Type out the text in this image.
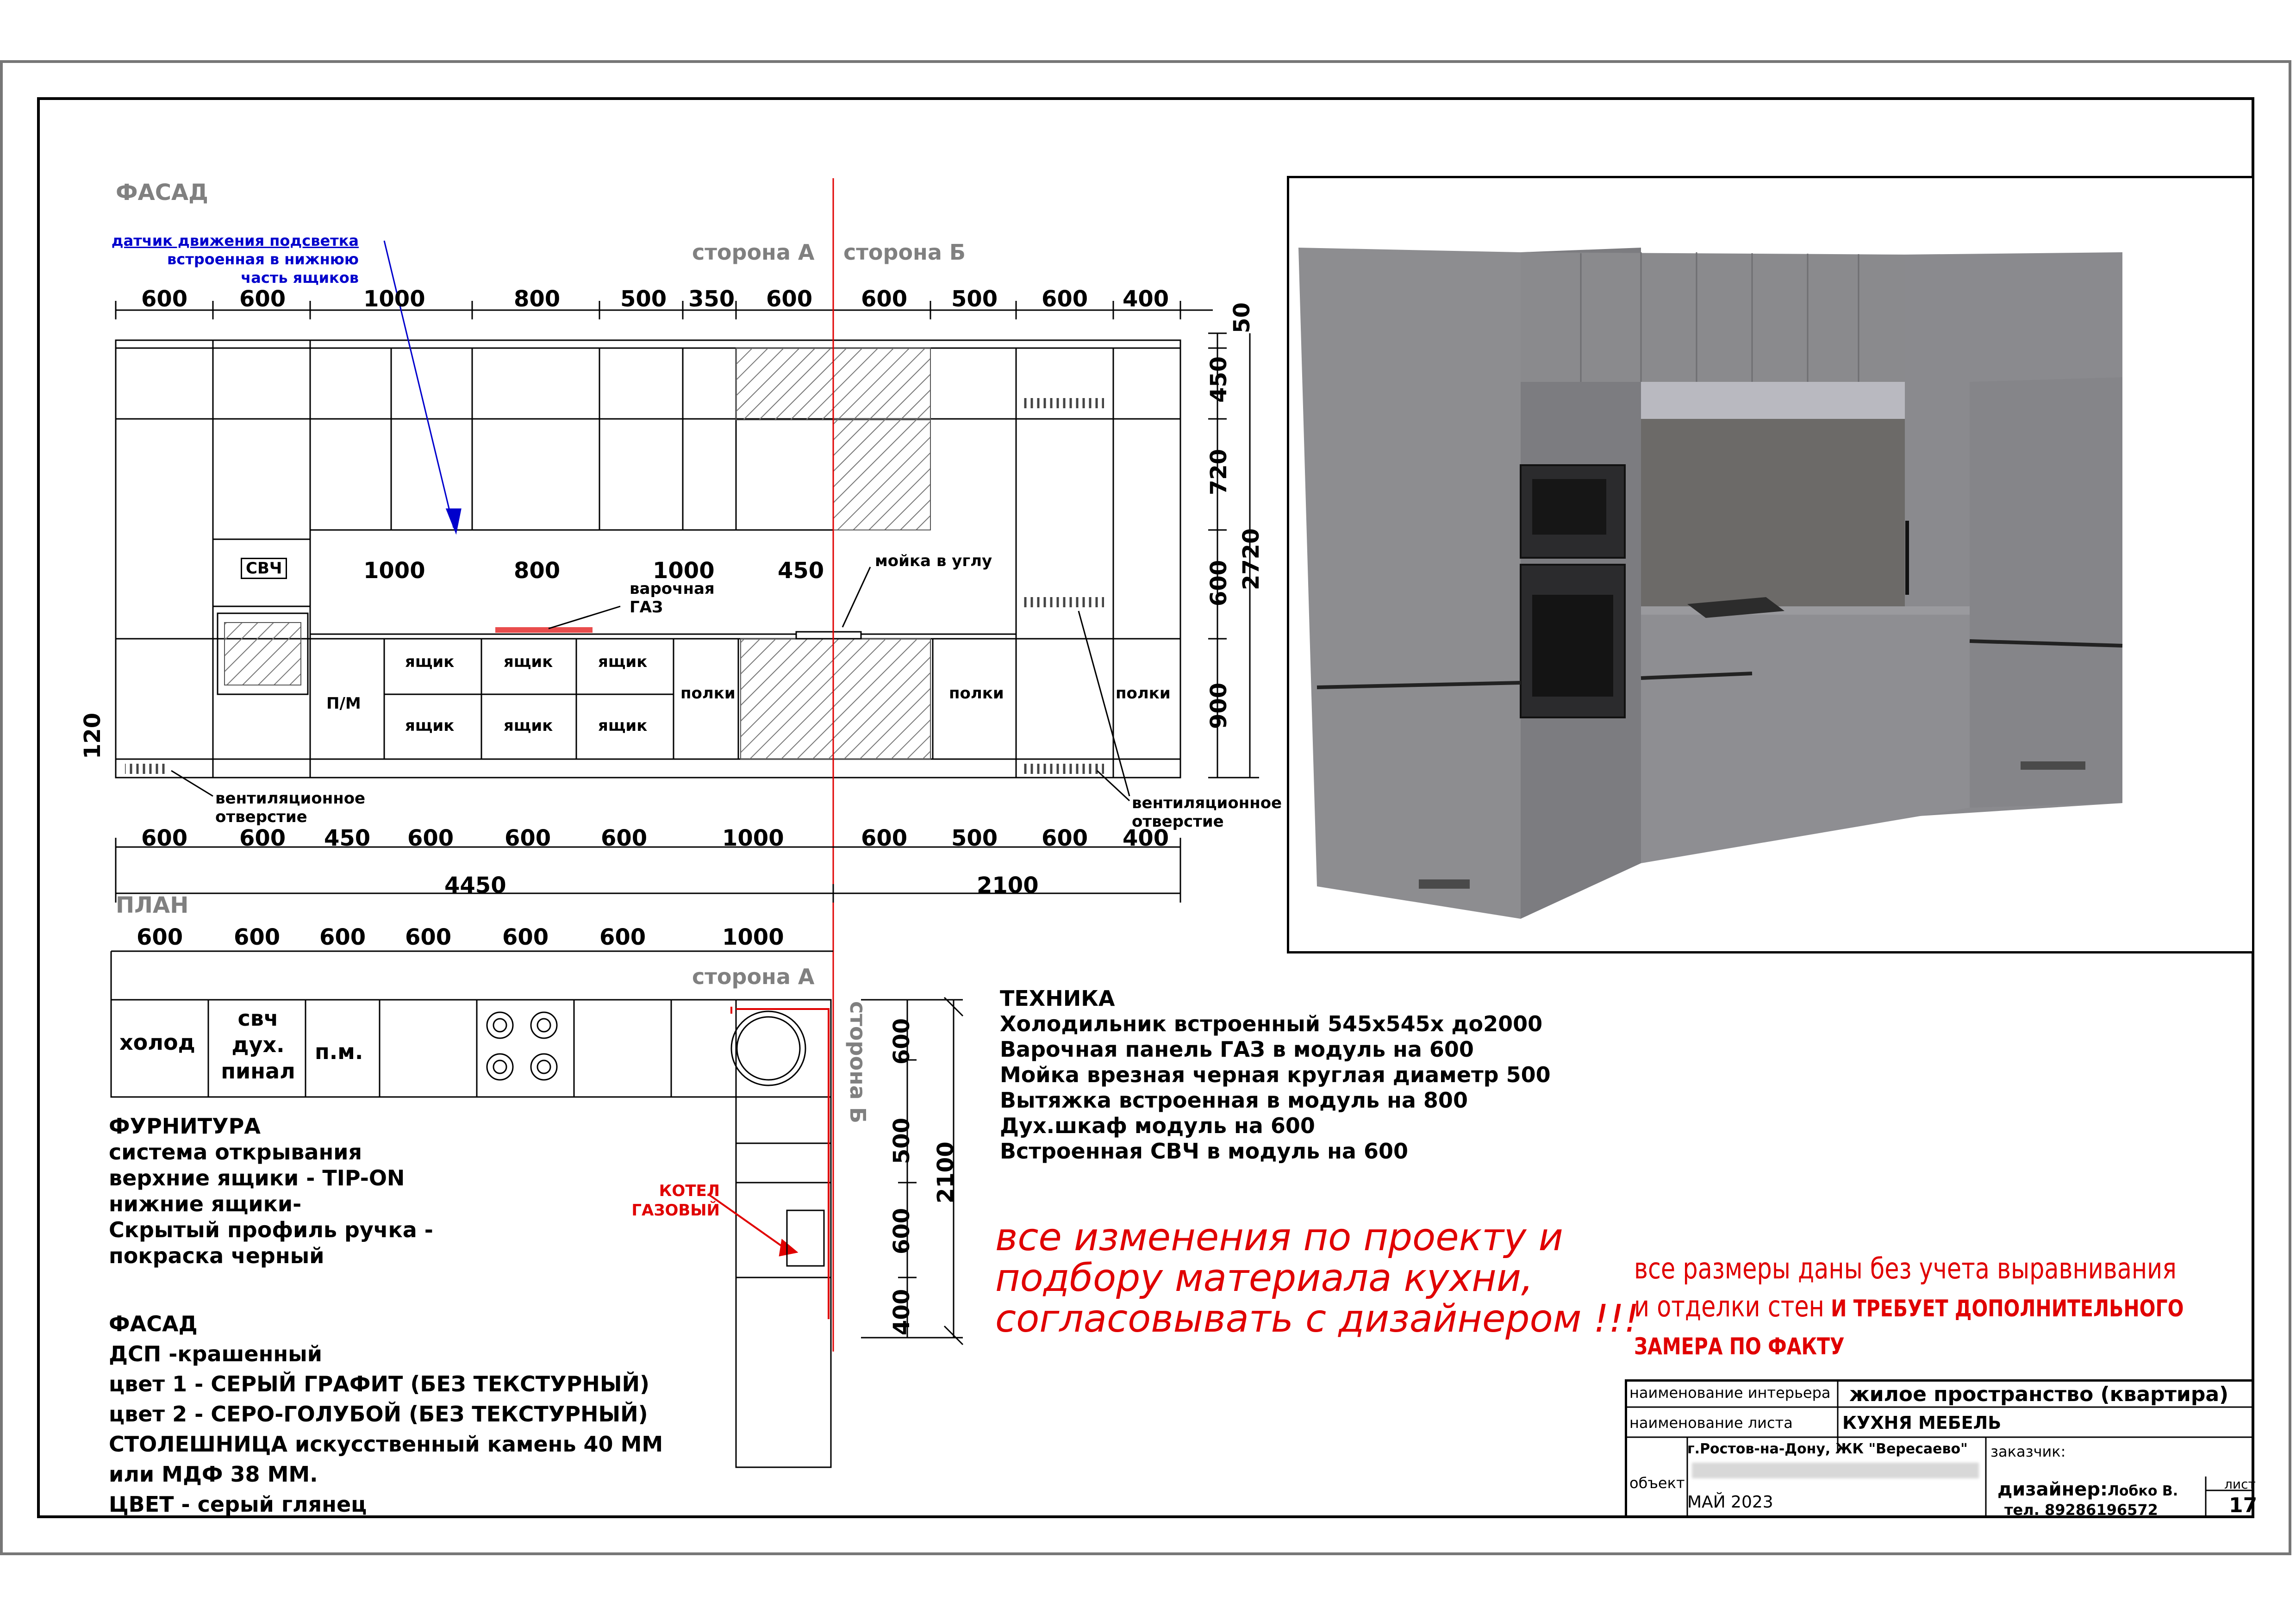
ФАСАД
сторона А сторона Б
датчик движения подсветка
встроенная в нижнюю
часть ящиков
600 600	1000	800	500 350 600 600 500 600 400
1000	800	1000	450
50
450
720
600
900
2720
120
СВЧ
П/М
ящик	ящик	ящик
ящик	ящик	ящик
полки	полки	полки
варочная ГАЗ
мойка в углу
вентиляционное отверстие
вентиляционное отверстие
600 600 450 600 600 600	1000	600 500 600 400
4450	2100
ПЛАН
600 600 600 600 600 600	1000
сторона А
сторона Б
холод
свч дух. пинал
п.м.	600
500
600
400
2100
КОТЕЛ ГАЗОВЫЙ
ФУРНИТУРА
система открывания
верхние ящики - TIP-ON
нижние ящики-
Скрытый профиль ручка -
покраска черный
ФАСАД
ДСП -крашенный
цвет 1 - СЕРЫЙ ГРАФИТ (БЕЗ ТЕКСТУРНЫЙ)
цвет 2 - СЕРО-ГОЛУБОЙ (БЕЗ ТЕКСТУРНЫЙ)
СТОЛЕШНИЦА искусственный камень 40 ММ
или МДФ 38 ММ.
ЦВЕТ - серый глянец
ТЕХНИКА
Холодильник встроенный 545х545х до2000
Варочная панель ГАЗ в модуль на 600
Мойка врезная черная круглая диаметр 500
Вытяжка встроенная в модуль на 800
Дух.шкаф модуль на 600
Встроенная СВЧ в модуль на 600
все изменения по проекту и
подбору материала кухни,
согласовывать с дизайнером !!!
все размеры даны без учета выравнивания
и отделки стен И ТРЕБУЕТ ДОПОЛНИТЕЛЬНОГО
ЗАМЕРА ПО ФАКТУ
наименование интерьера жилое пространство (квартира)
наименование листа	КУХНЯ МЕБЕЛЬ
объект
г.Ростов-на-Дону, ЖК "Вересаево"
МАЙ 2023
заказчик:
дизайнер:Лобко В.
тел. 89286196572
лист
17
